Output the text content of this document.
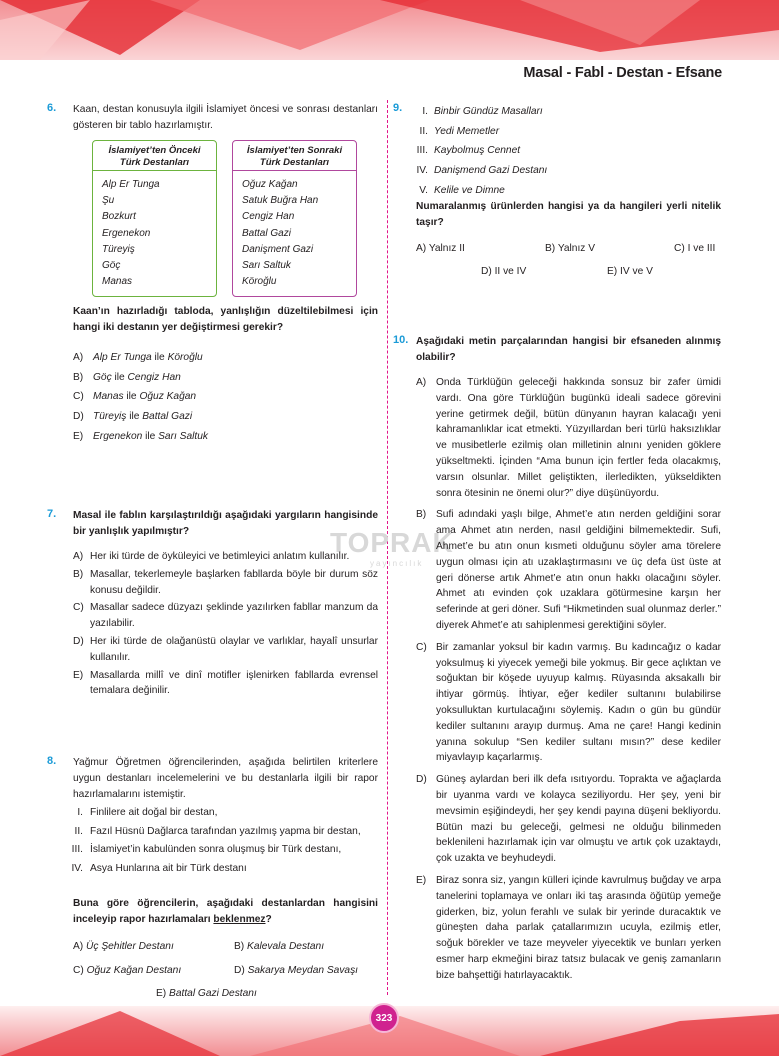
Masal - Fabl - Destan - Efsane
323
TOPRAK
yayıncılık
6. Kaan, destan konusuyla ilgili İslamiyet öncesi ve sonrası destanları gösteren bir tablo hazırlamıştır.
İslamiyet’ten Önceki
Türk Destanları
Alp Er Tunga
Şu
Bozkurt
Ergenekon
Türeyiş
Göç
Manas
İslamiyet’ten Sonraki
Türk Destanları
Oğuz Kağan
Satuk Buğra Han
Cengiz Han
Battal Gazi
Danişment Gazi
Sarı Saltuk
Köroğlu
Kaan’ın hazırladığı tabloda, yanlışlığın düzeltilebilmesi için hangi iki destanın yer değiştirmesi gerekir?
A) Alp Er Tunga ile Köroğlu
B) Göç ile Cengiz Han
C) Manas ile Oğuz Kağan
D) Türeyiş ile Battal Gazi
E) Ergenekon ile Sarı Saltuk
7. Masal ile fablın karşılaştırıldığı aşağıdaki yargıların hangisinde bir yanlışlık yapılmıştır?
A) Her iki türde de öyküleyici ve betimleyici anlatım kullanılır.
B) Masallar, tekerlemeyle başlarken fabllarda böyle bir durum söz konusu değildir.
C) Masallar sadece düzyazı şeklinde yazılırken fabllar manzum da yazılabilir.
D) Her iki türde de olağanüstü olaylar ve varlıklar, hayalî unsurlar kullanılır.
E) Masallarda millî ve dinî motifler işlenirken fabllarda evrensel temalara değinilir.
8. Yağmur Öğretmen öğrencilerinden, aşağıda belirtilen kriterlere uygun destanları incelemelerini ve bu destanlarla ilgili bir rapor hazırlamalarını istemiştir.
I. Finlilere ait doğal bir destan,
II. Fazıl Hüsnü Dağlarca tarafından yazılmış yapma bir destan,
III. İslamiyet’in kabulünden sonra oluşmuş bir Türk destanı,
IV. Asya Hunlarına ait bir Türk destanı
Buna göre öğrencilerin, aşağıdaki destanlardan hangisini inceleyip rapor hazırlamaları beklenmez?
A) Üç Şehitler Destanı	B) Kalevala Destanı
C) Oğuz Kağan Destanı	D) Sakarya Meydan Savaşı
E) Battal Gazi Destanı
9.	I. Binbir Gündüz Masalları
II. Yedi Memetler
III. Kaybolmuş Cennet
IV. Danişmend Gazi Destanı
V. Kelile ve Dimne
Numaralanmış ürünlerden hangisi ya da hangileri yerli nitelik taşır?
A) Yalnız II	B) Yalnız V	C) I ve III
D) II ve IV	E) IV ve V
10. Aşağıdaki metin parçalarından hangisi bir efsaneden alınmış olabilir?
A) Onda Türklüğün geleceği hakkında sonsuz bir zafer ümidi vardı. Ona göre Türklüğün bugünkü ideali sadece görevini yerine getirmek değil, bütün dünyanın hayran kalacağı yeni kahramanlıklar icat etmekti. Yüzyıllardan beri türlü haksızlıklar ve musibetlerle ezilmiş olan milletinin alnını yeniden göklere yükseltmekti. İçinden “Ama bunun için fertler feda olacakmış, varsın olsunlar. Millet geliştikten, ilerledikten, yükseldikten sonra ötesinin ne önemi olur?” diye düşünüyordu.
B) Sufi adındaki yaşlı bilge, Ahmet’e atın nerden geldiğini sorar ama Ahmet atın nerden, nasıl geldiğini bilmemektedir. Sufi, Ahmet’e bu atın onun kısmeti olduğunu söyler ama törelere uygun olması için atı uzaklaştırmasını ve üç defa üst üste at geri dönerse artık Ahmet’e atın onun hakkı olacağını söyler. Ahmet atı evinden çok uzaklara götürmesine karşın her seferinde at geri döner. Sufi “Hikmetinden sual olunmaz derler.” diyerek Ahmet’e atı sahiplenmesi gerektiğini söyler.
C) Bir zamanlar yoksul bir kadın varmış. Bu kadıncağız o kadar yoksulmuş ki yiyecek yemeği bile yokmuş. Bir gece açlıktan ve soğuktan bir köşede uyuyup kalmış. Rüyasında aksakallı bir ihtiyar görmüş. İhtiyar, eğer kediler sultanını bulabilirse yoksulluktan kurtulacağını söylemiş. Kadın o gün bu gündür kediler sultanını arayıp durmuş. Ama ne çare! Hangi kedinin yanına sokulup “Sen kediler sultanı mısın?” dese kediler miyavlayıp kaçarlarmış.
D) Güneş aylardan beri ilk defa ısıtıyordu. Toprakta ve ağaçlarda bir uyanma vardı ve kolayca seziliyordu. Her şey, yeni bir mevsimin eşiğindeydi, her şey kendi payına düşeni bekliyordu. Bütün mazi bu geleceği, gelmesi ne olduğu bilinmeden beklenileni hazırlamak için var olmuştu ve artık çok uzaktaydı, çok uzakta ve beyhudeydi.
E) Biraz sonra siz, yangın külleri içinde kavrulmuş buğday ve arpa tanelerini toplamaya ve onları iki taş arasında öğütüp yemeğe giderken, biz, yolun ferahlı ve sulak bir yerinde duracaktık ve güneşten daha parlak çatallarımızın ucuyla, ezilmiş etler, soğuk börekler ve taze meyveler yiyecektik ve bunları yerken esmer harp ekmeğini biraz tatsız bulacak ve geniş zamanların bize bahşettiği hatırlayacaktık.
